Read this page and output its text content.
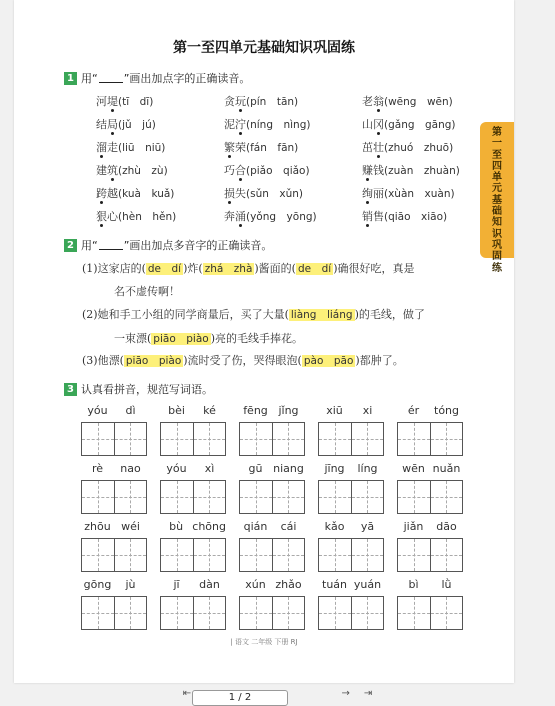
第一至四单元基础知识巩固练
1 用“ ”画出加点字的正确读音。
河堤(tī　dī)	贪玩(pín　tān)	老翁(wēng　wēn)
结局(jǔ　jú)	泥泞(níng　nìng)	山冈(gǎng　gāng)
溜走(liū　niū)	繁荣(fán　fān)	茁壮(zhuó　zhuō)
建筑(zhù　zù)	巧合(piǎo　qiǎo)	赚钱(zuàn　zhuàn)
跨越(kuà　kuǎ)	损失(sǔn　xǔn)	绚丽(xùàn　xuàn)
狠心(hèn　hěn)	奔涌(yǒng　yōng)	销售(qiāo　xiāo)
2 用“ ”画出加点多音字的正确读音。
(1)这家店的( de　dí )炸( zhá　zhà )酱面的( de　dí )确很好吃，真是
名不虚传啊！
(2)她和手工小组的同学商量后，买了大量( liàng　liáng )的毛线，做了
一束漂( piāo　piào )亮的毛线手捧花。
(3)他漂( piāo　piào )流时受了伤，哭得眼泡( pào　pāo )都肿了。
3 认真看拼音，规范写词语。
yóu	dì	bèi	ké	fēng jǐng	xiū	xi	ér	tóng
rè	nao	yóu	xì	gū niang	jīng	líng	wēn nuǎn
zhōu wéi	bù chōng	qián	cái	kǎo	yā	jiǎn	dāo
gōng	jù	jī	dàn	xún zhǎo	tuán yuán	bì	lǜ
| 语文 二年级 下册 RJ
第一至四单元基础知识巩固练
⇤	→ ⇥
1 / 2
